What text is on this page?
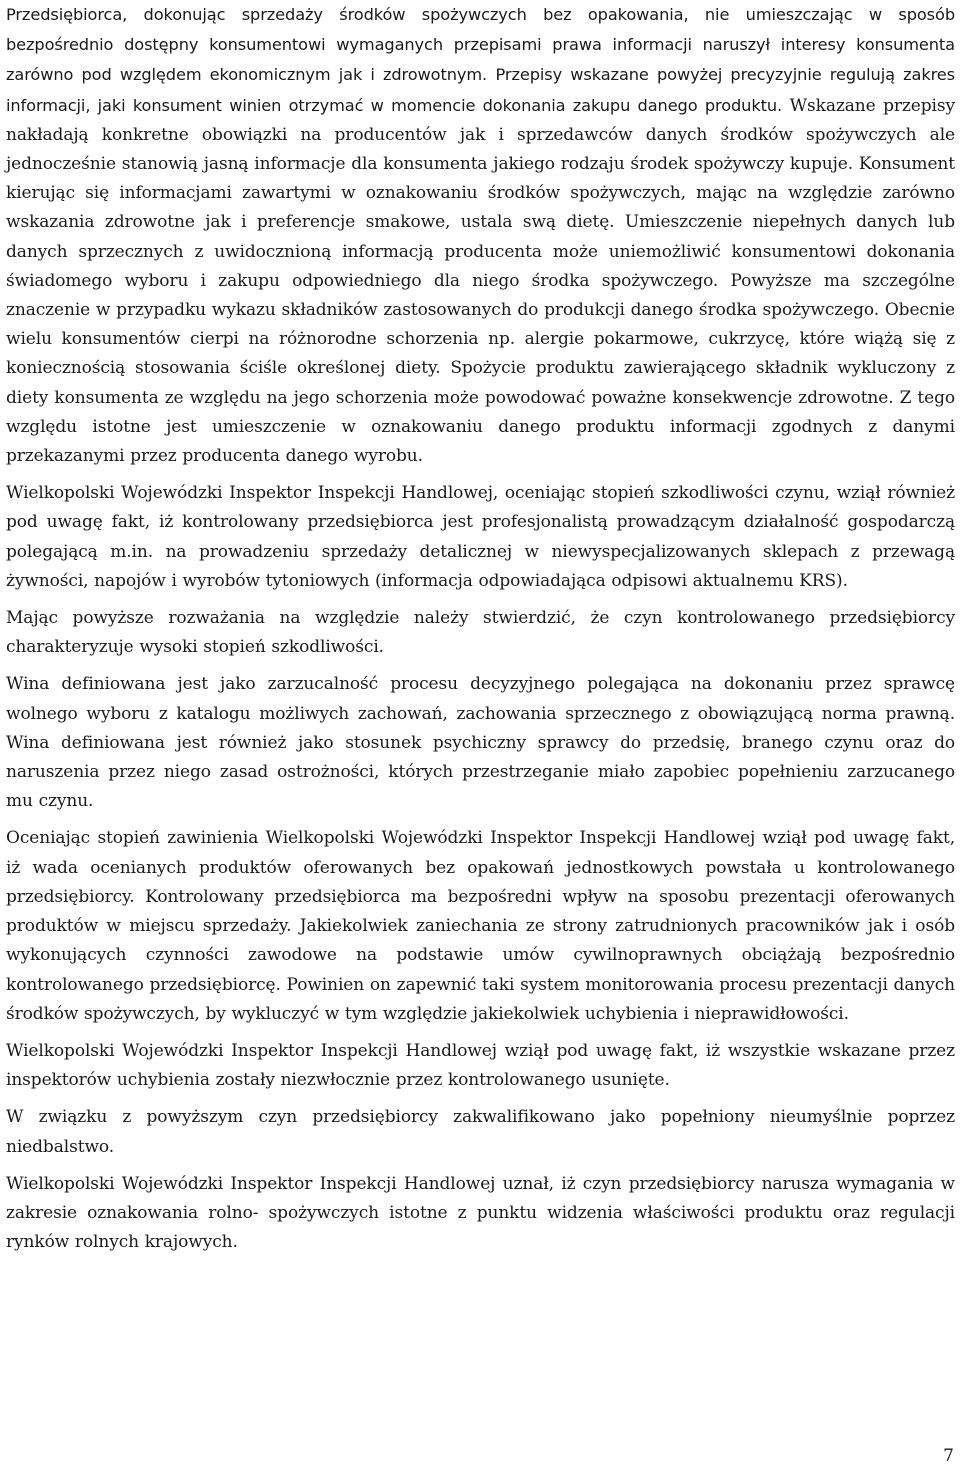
Przedsiębiorca, dokonując sprzedaży środków spożywczych bez opakowania, nie umieszczając w sposób bezpośrednio dostępny konsumentowi wymaganych przepisami prawa informacji naruszył interesy konsumenta zarówno pod względem ekonomicznym jak i zdrowotnym. Przepisy wskazane powyżej precyzyjnie regulują zakres informacji, jaki konsument winien otrzymać w momencie dokonania zakupu danego produktu. Wskazane przepisy nakładają konkretne obowiązki na producentów jak i sprzedawców danych środków spożywczych ale jednocześnie stanowią jasną informacje dla konsumenta jakiego rodzaju środek spożywczy kupuje. Konsument kierując się informacjami zawartymi w oznakowaniu środków spożywczych, mając na względzie zarówno wskazania zdrowotne jak i preferencje smakowe, ustala swą dietę. Umieszczenie niepełnych danych lub danych sprzecznych z uwidocznioną informacją producenta może uniemożliwić konsumentowi dokonania świadomego wyboru i zakupu odpowiedniego dla niego środka spożywczego. Powyższe ma szczególne znaczenie w przypadku wykazu składników zastosowanych do produkcji danego środka spożywczego. Obecnie wielu konsumentów cierpi na różnorodne schorzenia np. alergie pokarmowe, cukrzycę, które wiążą się z koniecznością stosowania ściśle określonej diety. Spożycie produktu zawierającego składnik wykluczony z diety konsumenta ze względu na jego schorzenia może powodować poważne konsekwencje zdrowotne. Z tego względu istotne jest umieszczenie w oznakowaniu danego produktu informacji zgodnych z danymi przekazanymi przez producenta danego wyrobu.

Wielkopolski Wojewódzki Inspektor Inspekcji Handlowej, oceniając stopień szkodliwości czynu, wziął również pod uwagę fakt, iż kontrolowany przedsiębiorca jest profesjonalistą prowadzącym działalność gospodarczą polegającą m.in. na prowadzeniu sprzedaży detalicznej w niewyspecjalizowanych sklepach z przewagą żywności, napojów i wyrobów tytoniowych (informacja odpowiadająca odpisowi aktualnemu KRS).

Mając powyższe rozważania na względzie należy stwierdzić, że czyn kontrolowanego przedsiębiorcy charakteryzuje wysoki stopień szkodliwości.

Wina definiowana jest jako zarzucalność procesu decyzyjnego polegająca na dokonaniu przez sprawcę wolnego wyboru z katalogu możliwych zachowań, zachowania sprzecznego z obowiązującą norma prawną. Wina definiowana jest również jako stosunek psychiczny sprawcy do przedsię, branego czynu oraz do naruszenia przez niego zasad ostrożności, których przestrzeganie miało zapobiec popełnieniu zarzucanego mu czynu.

Oceniając stopień zawinienia Wielkopolski Wojewódzki Inspektor Inspekcji Handlowej wziął pod uwagę fakt, iż wada ocenianych produktów oferowanych bez opakowań jednostkowych powstała u kontrolowanego przedsiębiorcy. Kontrolowany przedsiębiorca ma bezpośredni wpływ na sposobu prezentacji oferowanych produktów w miejscu sprzedaży. Jakiekolwiek zaniechania ze strony zatrudnionych pracowników jak i osób wykonujących czynności zawodowe na podstawie umów cywilnoprawnych obciążają bezpośrednio kontrolowanego przedsiębiorcę. Powinien on zapewnić taki system monitorowania procesu prezentacji danych środków spożywczych, by wykluczyć w tym względzie jakiekolwiek uchybienia i nieprawidłowości.

Wielkopolski Wojewódzki Inspektor Inspekcji Handlowej wziął pod uwagę fakt, iż wszystkie wskazane przez inspektorów uchybienia zostały niezwłocznie przez kontrolowanego usunięte.

W związku z powyższym czyn przedsiębiorcy zakwalifikowano jako popełniony nieumyślnie poprzez niedbalstwo.

Wielkopolski Wojewódzki Inspektor Inspekcji Handlowej uznał, iż czyn przedsiębiorcy narusza wymagania w zakresie oznakowania rolno- spożywczych istotne z punktu widzenia właściwości produktu oraz regulacji rynków rolnych krajowych.

7
